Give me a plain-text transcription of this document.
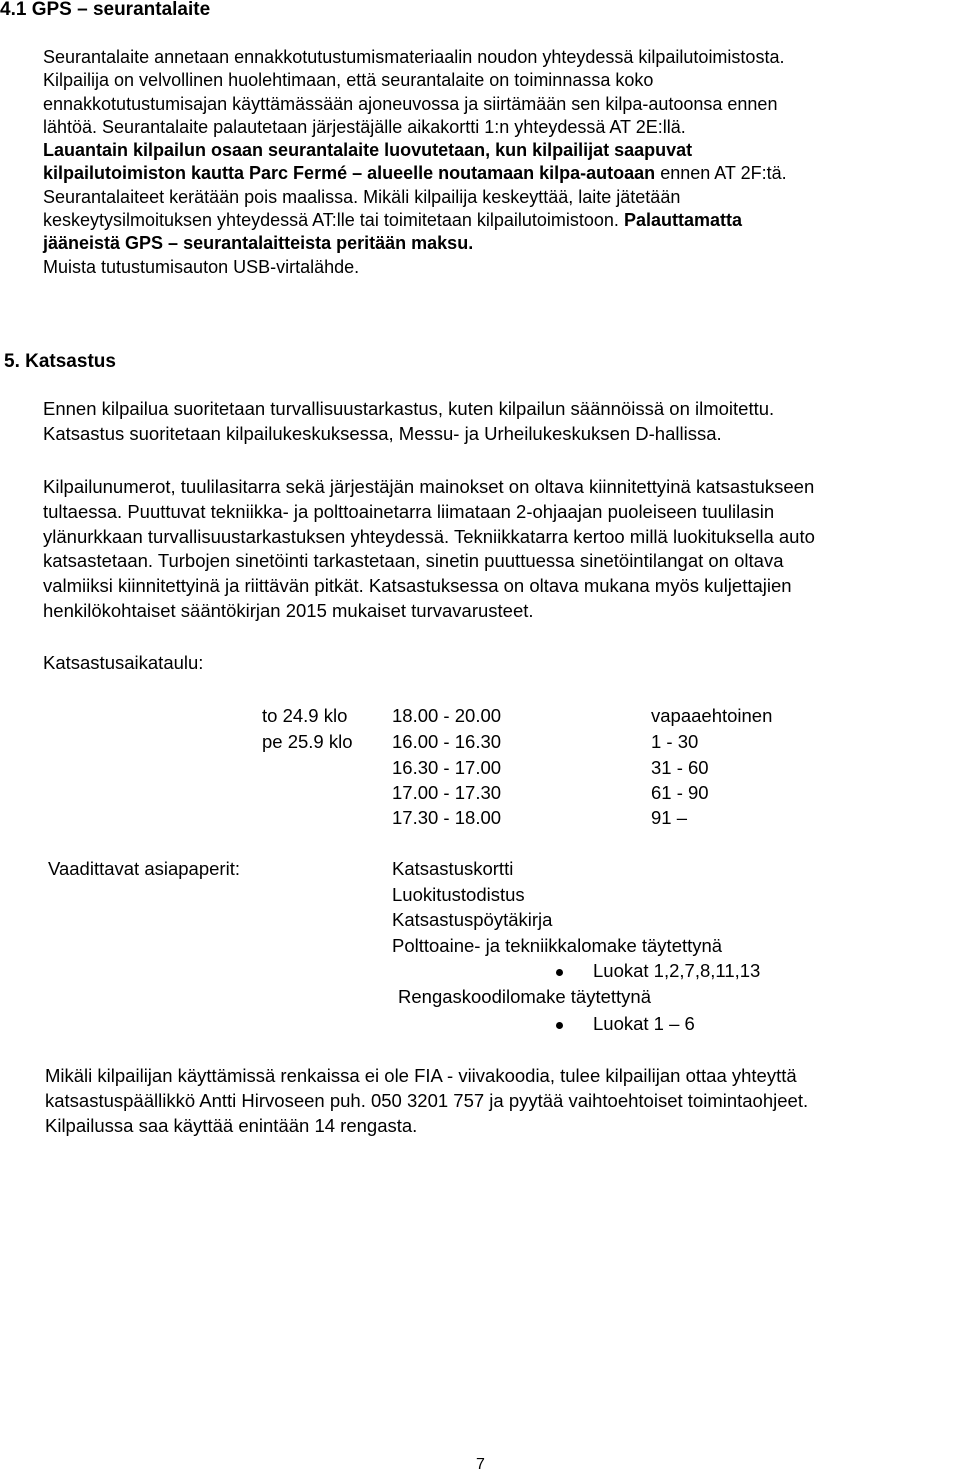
4.1 GPS – seurantalaite
Seurantalaite annetaan ennakkotutustumismateriaalin noudon yhteydessä kilpailutoimistosta.
Kilpailija on velvollinen huolehtimaan, että seurantalaite on toiminnassa koko
ennakkotutustumisajan käyttämässään ajoneuvossa ja siirtämään sen kilpa-autoonsa ennen
lähtöä. Seurantalaite palautetaan järjestäjälle aikakortti 1:n yhteydessä AT 2E:llä.
Lauantain kilpailun osaan seurantalaite luovutetaan, kun kilpailijat saapuvat
kilpailutoimiston kautta Parc Fermé – alueelle noutamaan kilpa-autoaan ennen AT 2F:tä.
Seurantalaiteet kerätään pois maalissa. Mikäli kilpailija keskeyttää, laite jätetään
keskeytysilmoituksen yhteydessä AT:lle tai toimitetaan kilpailutoimistoon. Palauttamatta
jääneistä GPS – seurantalaitteista peritään maksu.
Muista tutustumisauton USB-virtalähde.
5. Katsastus
Ennen kilpailua suoritetaan turvallisuustarkastus, kuten kilpailun säännöissä on ilmoitettu.
Katsastus suoritetaan kilpailukeskuksessa, Messu- ja Urheilukeskuksen D-hallissa.
Kilpailunumerot, tuulilasitarra sekä järjestäjän mainokset on oltava kiinnitettyinä katsastukseen
tultaessa. Puuttuvat tekniikka- ja polttoainetarra liimataan 2-ohjaajan puoleiseen tuulilasin
ylänurkkaan turvallisuustarkastuksen yhteydessä. Tekniikkatarra kertoo millä luokituksella auto
katsastetaan. Turbojen sinetöinti tarkastetaan, sinetin puuttuessa sinetöintilangat on oltava
valmiiksi kiinnitettyinä ja riittävän pitkät. Katsastuksessa on oltava mukana myös kuljettajien
henkilökohtaiset sääntökirjan 2015 mukaiset turvavarusteet.
Katsastusaikataulu:
to 24.9 klo 18.00 - 20.00	vapaaehtoinen
pe 25.9 klo 16.00 - 16.30	1 - 30
16.30 - 17.00	31 - 60
17.00 - 17.30	61 - 90
17.30 - 18.00	91 –
Vaadittavat asiapaperit:	Katsastuskortti
Luokitustodistus
Katsastuspöytäkirja
Polttoaine- ja tekniikkalomake täytettynä
Luokat 1,2,7,8,11,13
Rengaskoodilomake täytettynä
Luokat 1 – 6
Mikäli kilpailijan käyttämissä renkaissa ei ole FIA - viivakoodia, tulee kilpailijan ottaa yhteyttä
katsastuspäällikkö Antti Hirvoseen puh. 050 3201 757 ja pyytää vaihtoehtoiset toimintaohjeet.
Kilpailussa saa käyttää enintään 14 rengasta.
7
